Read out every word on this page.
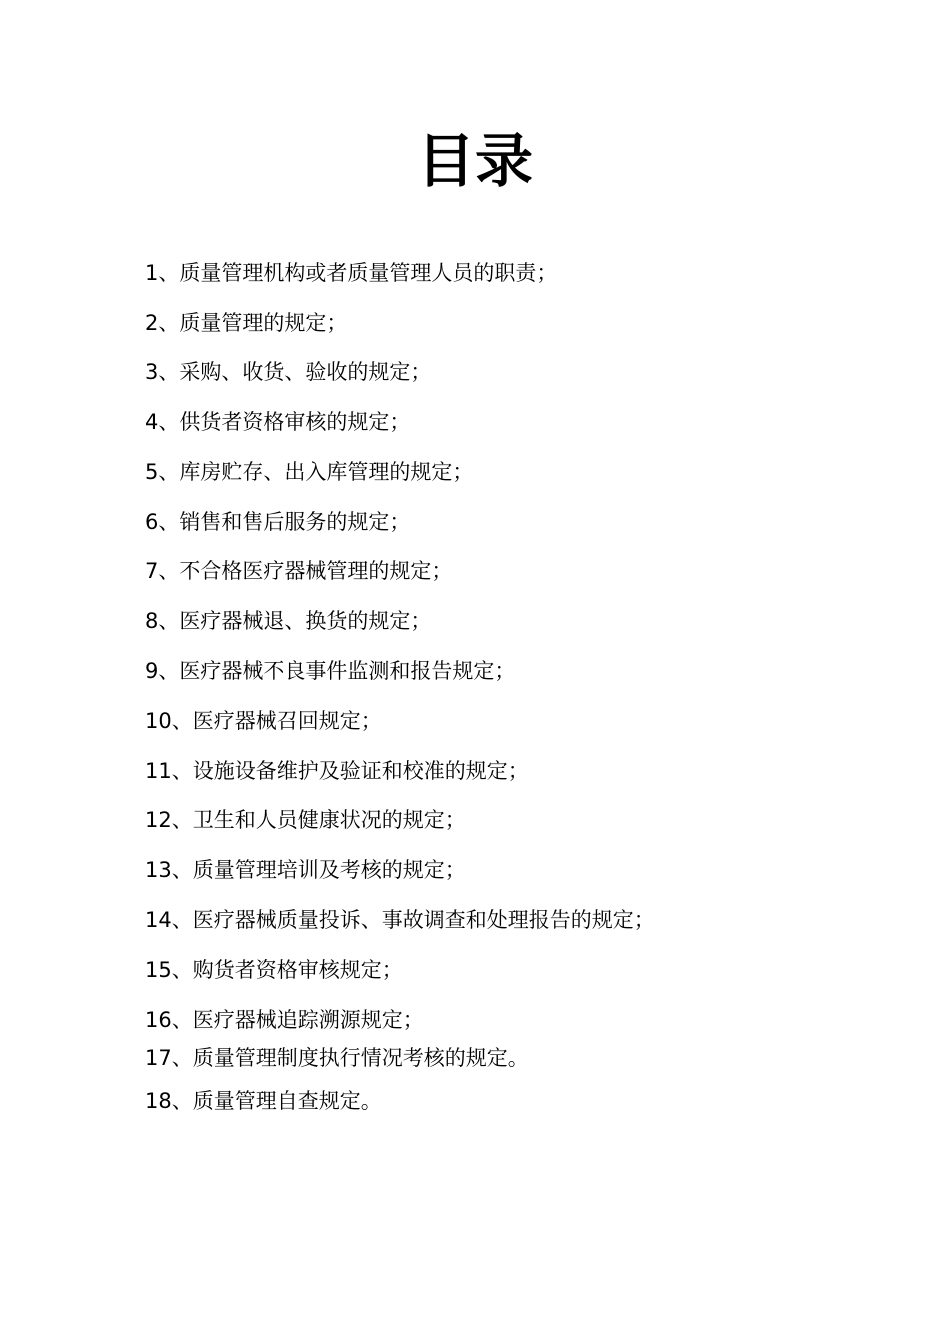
目录
1、质量管理机构或者质量管理人员的职责；
2、质量管理的规定；
3、采购、收货、验收的规定；
4、供货者资格审核的规定；
5、库房贮存、出入库管理的规定；
6、销售和售后服务的规定；
7、不合格医疗器械管理的规定；
8、医疗器械退、换货的规定；
9、医疗器械不良事件监测和报告规定；
10、医疗器械召回规定；
11、设施设备维护及验证和校准的规定；
12、卫生和人员健康状况的规定；
13、质量管理培训及考核的规定；
14、医疗器械质量投诉、事故调查和处理报告的规定；
15、购货者资格审核规定；
16、医疗器械追踪溯源规定；
17、质量管理制度执行情况考核的规定。
18、质量管理自查规定。
